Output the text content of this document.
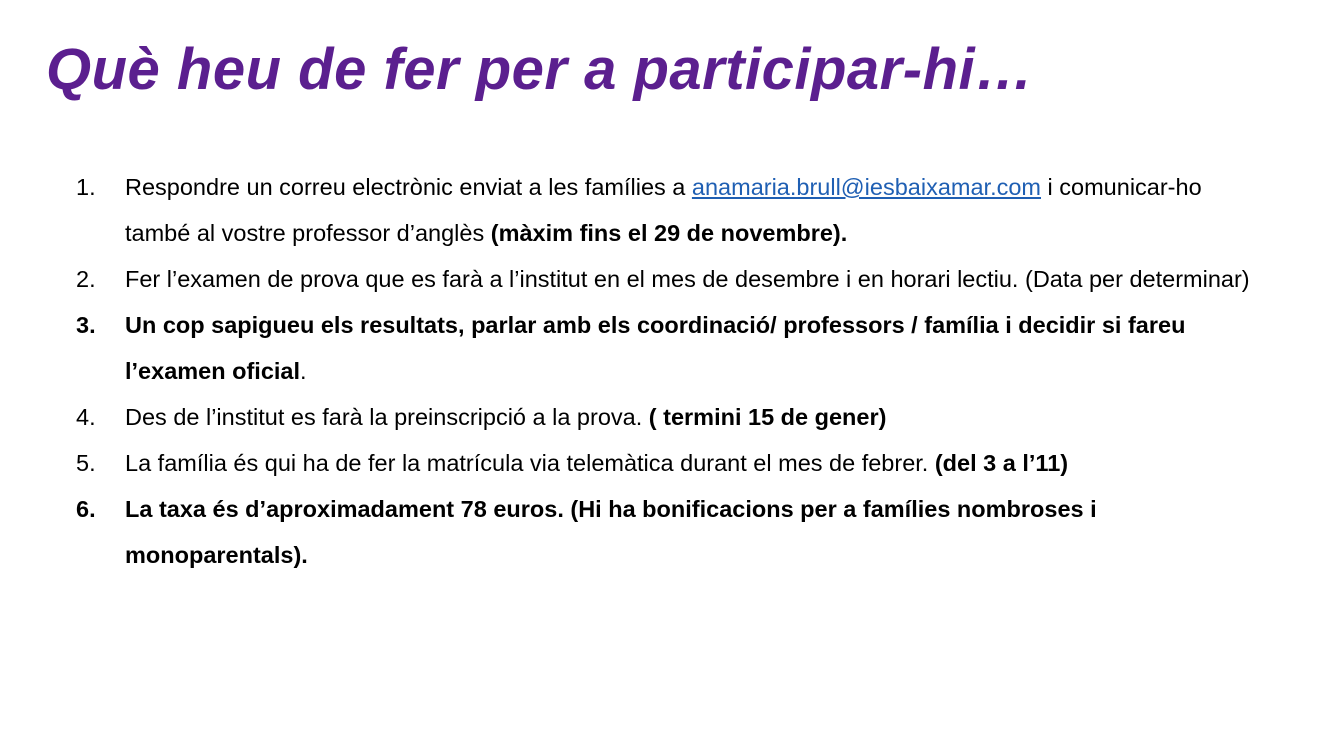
Què heu de fer per a participar-hi…
1.	Respondre un correu electrònic enviat a les famílies a anamaria.brull@iesbaixamar.com i comunicar-ho també al vostre professor d’anglès (màxim fins el 29 de novembre).
2.	Fer l’examen de prova que es farà a l’institut en el mes de desembre i en horari lectiu. (Data per determinar)
3.	Un cop sapigueu els resultats, parlar amb els coordinació/ professors / família i decidir si fareu l’examen oficial.
4.	Des de l’institut es farà la preinscripció a la prova. ( termini 15 de gener)
5.	La família és qui ha de fer la matrícula via telemàtica durant el mes de febrer. (del 3 a l’11)
6.	La taxa és d’aproximadament 78 euros. (Hi ha bonificacions per a famílies nombroses i monoparentals).
